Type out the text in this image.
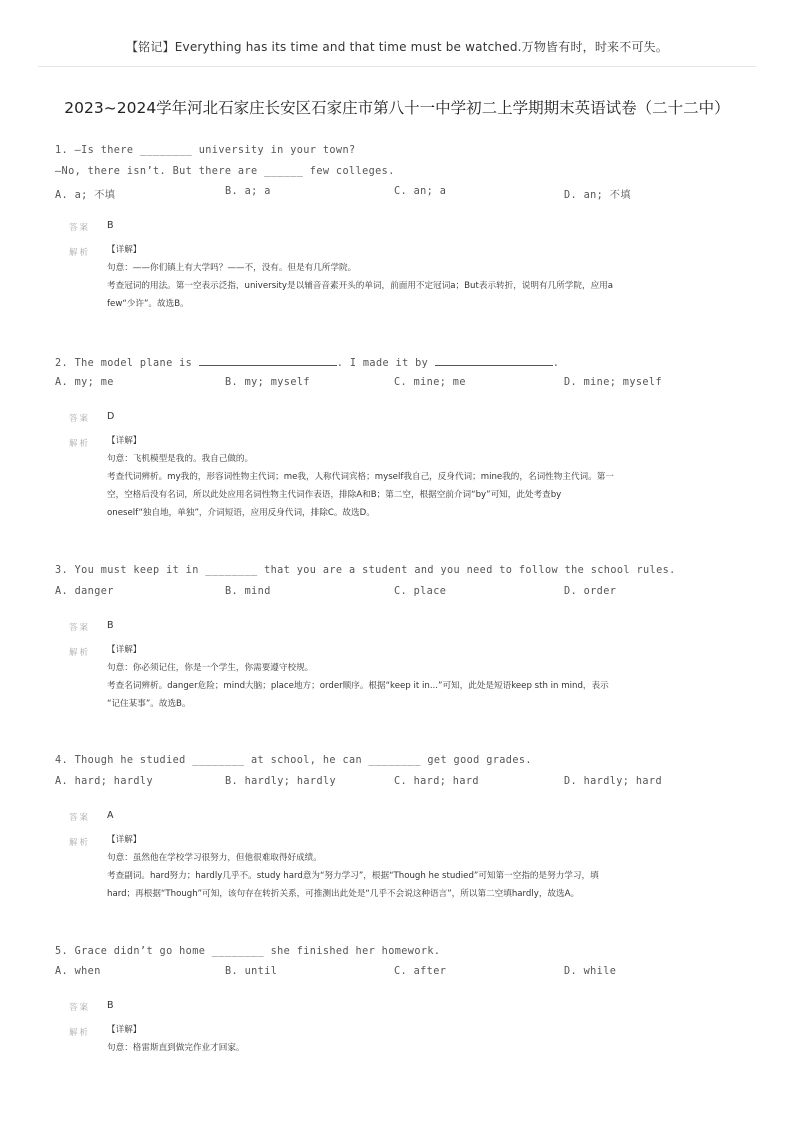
【铭记】Everything has its time and that time must be watched.万物皆有时，时来不可失。
2023~2024学年河北石家庄长安区石家庄市第八十一中学初二上学期期末英语试卷（二十二中）
1. —Is there ________ university in your town?
—No, there isn’t. But there are ______ few colleges.
A. a; 不填	B. a; a	C. an; a	D. an; 不填
答案 B
解析 【详解】
句意：——你们镇上有大学吗？——不，没有。但是有几所学院。
考查冠词的用法。第一空表示泛指，university是以辅音音素开头的单词，前面用不定冠词a；But表示转折，说明有几所学院，应用a
few“少许”。故选B。
2. The model plane is	. I made it by	.
A. my; me	B. my; myself	C. mine; me	D. mine; myself
答案 D
解析 【详解】
句意：飞机模型是我的。我自己做的。
考查代词辨析。my我的，形容词性物主代词；me我，人称代词宾格；myself我自己，反身代词；mine我的，名词性物主代词。第一
空，空格后没有名词，所以此处应用名词性物主代词作表语，排除A和B；第二空，根据空前介词“by”可知，此处考查by
oneself“独自地，单独”，介词短语，应用反身代词，排除C。故选D。
3. You must keep it in ________ that you are a student and you need to follow the school rules.
A. danger	B. mind	C. place	D. order
答案 B
解析 【详解】
句意：你必须记住，你是一个学生，你需要遵守校规。
考查名词辨析。danger危险；mind大脑；place地方；order顺序。根据“keep it in...”可知，此处是短语keep sth in mind，表示
“记住某事”。故选B。
4. Though he studied ________ at school, he can ________ get good grades.
A. hard; hardly	B. hardly; hardly	C. hard; hard	D. hardly; hard
答案 A
解析 【详解】
句意：虽然他在学校学习很努力，但他很难取得好成绩。
考查副词。hard努力；hardly几乎不。study hard意为“努力学习”，根据“Though he studied”可知第一空指的是努力学习，填
hard；再根据“Though”可知，该句存在转折关系，可推测出此处是“几乎不会说这种语言”，所以第二空填hardly，故选A。
5. Grace didn’t go home ________ she finished her homework.
A. when	B. until	C. after	D. while
答案 B
解析 【详解】
句意：格雷斯直到做完作业才回家。
